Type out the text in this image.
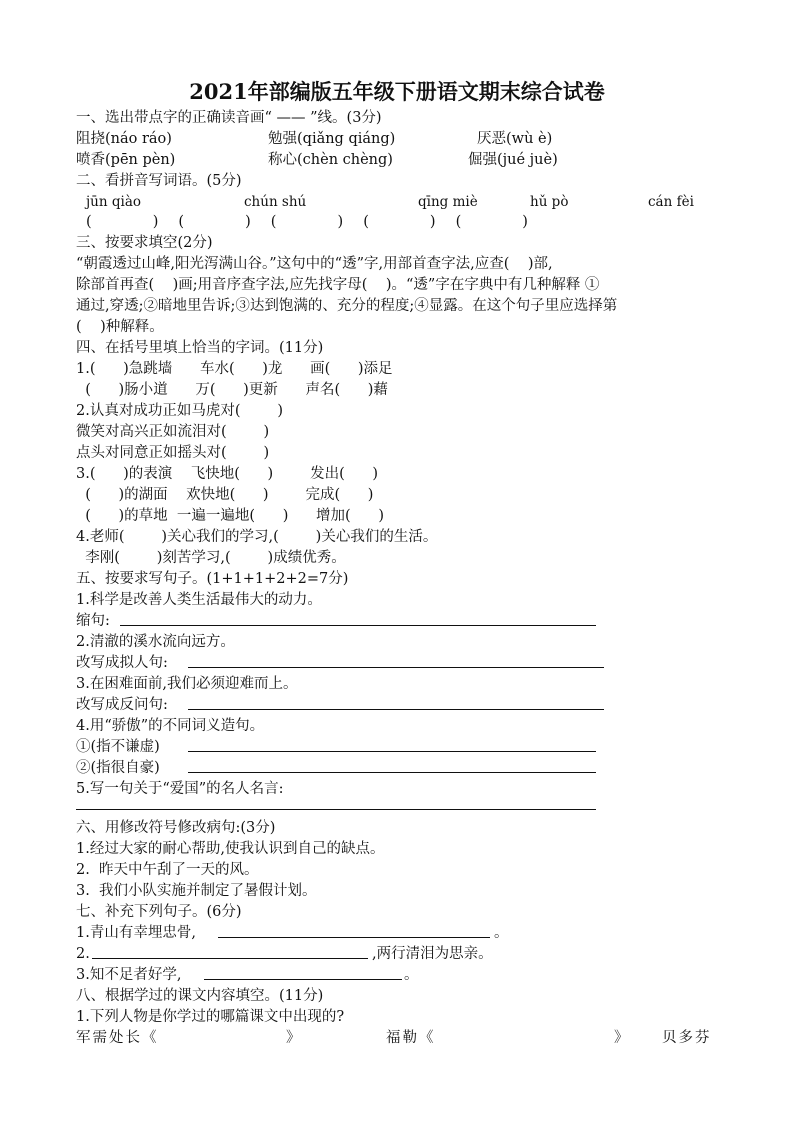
2021年部编版五年级下册语文期末综合试卷
一、选出带点字的正确读音画“ —— ”线。(3分)
阻挠(náo ráo)	勉强(qiǎng qiáng)	厌恶(wù è)
喷香(pēn pèn)	称心(chèn chèng)	倔强(jué juè)
二、看拼音写词语。(5分)
jūn qiào	chún shú	qīng miè	hǔ pò	cán fèi
(       )  (       )  (       )  (       )  (       )
三、按要求填空(2分)
“朝霞透过山峰,阳光泻满山谷。”这句中的“透”字,用部首查字法,应查(    )部,
除部首再查(    )画;用音序查字法,应先找字母(    )。“透”字在字典中有几种解释 ①
通过,穿透;②暗地里告诉;③达到饱满的、充分的程度;④显露。在这个句子里应选择第
(    )种解释。
四、在括号里填上恰当的字词。(11分)
1.(      )急跳墙      车水(      )龙      画(      )添足
(      )肠小道      万(      )更新      声名(      )藉
2.认真对成功正如马虎对(        )
微笑对高兴正如流泪对(        )
点头对同意正如摇头对(        )
3.(      )的表演    飞快地(      )        发出(      )
(      )的湖面    欢快地(      )        完成(      )
(      )的草地  一遍一遍地(      )      增加(      )
4.老师(        )关心我们的学习,(        )关心我们的生活。
李刚(        )刻苦学习,(        )成绩优秀。
五、按要求写句子。(1+1+1+2+2=7分)
1.科学是改善人类生活最伟大的动力。
缩句:
2.清澈的溪水流向远方。
改写成拟人句:
3.在困难面前,我们必须迎难而上。
改写成反问句:
4.用“骄傲”的不同词义造句。
①(指不谦虚)
②(指很自豪)
5.写一句关于“爱国”的名人名言:
六、用修改符号修改病句:(3分)
1.经过大家的耐心帮助,使我认识到自己的缺点。
2.  昨天中午刮了一天的风。
3.  我们小队实施并制定了暑假计划。
七、补充下列句子。(6分)
1.青山有幸埋忠骨,	。
2.	,两行清泪为思亲。
3.知不足者好学,	。
八、根据学过的课文内容填空。(11分)
1.下列人物是你学过的哪篇课文中出现的?
军需处长《	》	福勒《	》 贝多芬
